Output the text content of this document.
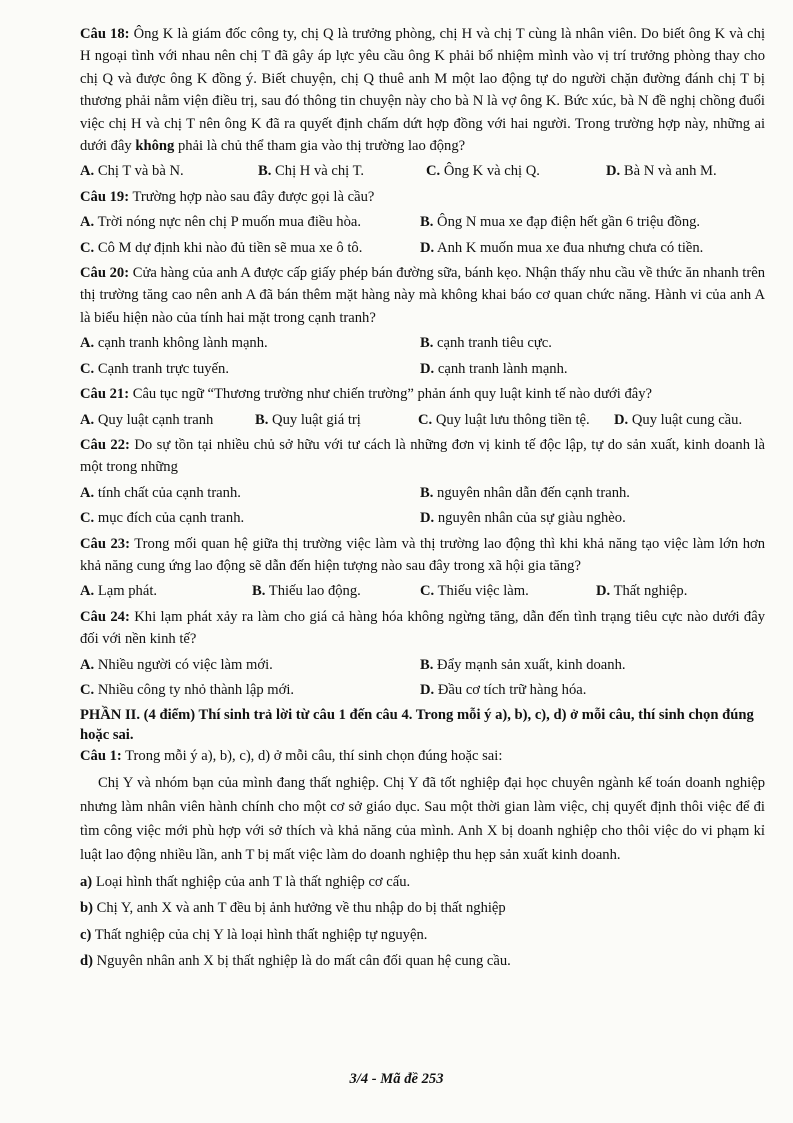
Câu 18: Ông K là giám đốc công ty, chị Q là trưởng phòng, chị H và chị T cùng là nhân viên. Do biết ông K và chị H ngoại tình với nhau nên chị T đã gây áp lực yêu cầu ông K phải bổ nhiệm mình vào vị trí trưởng phòng thay cho chị Q và được ông K đồng ý. Biết chuyện, chị Q thuê anh M một lao động tự do người chặn đường đánh chị T bị thương phải nằm viện điều trị, sau đó thông tin chuyện này cho bà N là vợ ông K. Bức xúc, bà N đề nghị chồng đuổi việc chị H và chị T nên ông K đã ra quyết định chấm dứt hợp đồng với hai người. Trong trường hợp này, những ai dưới đây không phải là chủ thể tham gia vào thị trường lao động?

A. Chị T và bà N.	B. Chị H và chị T.	C. Ông K và chị Q.	D. Bà N và anh M.

Câu 19: Trường hợp nào sau đây được gọi là cầu?

A. Trời nóng nực nên chị P muốn mua điều hòa.	B. Ông N mua xe đạp điện hết gần 6 triệu đồng.
C. Cô M dự định khi nào đủ tiền sẽ mua xe ô tô.	D. Anh K muốn mua xe đua nhưng chưa có tiền.

Câu 20: Cửa hàng của anh A được cấp giấy phép bán đường sữa, bánh kẹo. Nhận thấy nhu cầu về thức ăn nhanh trên thị trường tăng cao nên anh A đã bán thêm mặt hàng này mà không khai báo cơ quan chức năng. Hành vi của anh A là biểu hiện nào của tính hai mặt trong cạnh tranh?

A. cạnh tranh không lành mạnh.	B. cạnh tranh tiêu cực.
C. Cạnh tranh trực tuyến.	D. cạnh tranh lành mạnh.

Câu 21: Câu tục ngữ “Thương trường như chiến trường” phản ánh quy luật kinh tế nào dưới đây?

A. Quy luật cạnh tranh	B. Quy luật giá trị	C. Quy luật lưu thông tiền tệ.	D. Quy luật cung cầu.

Câu 22: Do sự tồn tại nhiều chủ sở hữu với tư cách là những đơn vị kinh tế độc lập, tự do sản xuất, kinh doanh là một trong những

A. tính chất của cạnh tranh.	B. nguyên nhân dẫn đến cạnh tranh.
C. mục đích của cạnh tranh.	D. nguyên nhân của sự giàu nghèo.

Câu 23: Trong mối quan hệ giữa thị trường việc làm và thị trường lao động thì khi khả năng tạo việc làm lớn hơn khả năng cung ứng lao động sẽ dẫn đến hiện tượng nào sau đây trong xã hội gia tăng?

A. Lạm phát.	B. Thiếu lao động.	C. Thiếu việc làm.	D. Thất nghiệp.

Câu 24: Khi lạm phát xảy ra làm cho giá cả hàng hóa không ngừng tăng, dẫn đến tình trạng tiêu cực nào dưới đây đối với nền kinh tế?

A. Nhiều người có việc làm mới.	B. Đẩy mạnh sản xuất, kinh doanh.
C. Nhiều công ty nhỏ thành lập mới.	D. Đầu cơ tích trữ hàng hóa.

PHẦN II. (4 điểm) Thí sinh trả lời từ câu 1 đến câu 4. Trong mỗi ý a), b), c), d) ở mỗi câu, thí sinh chọn đúng hoặc sai.

Câu 1: Trong mỗi ý a), b), c), d) ở mỗi câu, thí sinh chọn đúng hoặc sai:

Chị Y và nhóm bạn của mình đang thất nghiệp. Chị Y đã tốt nghiệp đại học chuyên ngành kế toán doanh nghiệp nhưng làm nhân viên hành chính cho một cơ sở giáo dục. Sau một thời gian làm việc, chị quyết định thôi việc để đi tìm công việc mới phù hợp với sở thích và khả năng của mình. Anh X bị doanh nghiệp cho thôi việc do vi phạm kỉ luật lao động nhiều lần, anh T bị mất việc làm do doanh nghiệp thu hẹp sản xuất kinh doanh.

a) Loại hình thất nghiệp của anh T là thất nghiệp cơ cấu.
b) Chị Y, anh X và anh T đều bị ảnh hưởng về thu nhập do bị thất nghiệp
c) Thất nghiệp của chị Y là loại hình thất nghiệp tự nguyện.
d) Nguyên nhân anh X bị thất nghiệp là do mất cân đối quan hệ cung cầu.
3/4 - Mã đề 253
